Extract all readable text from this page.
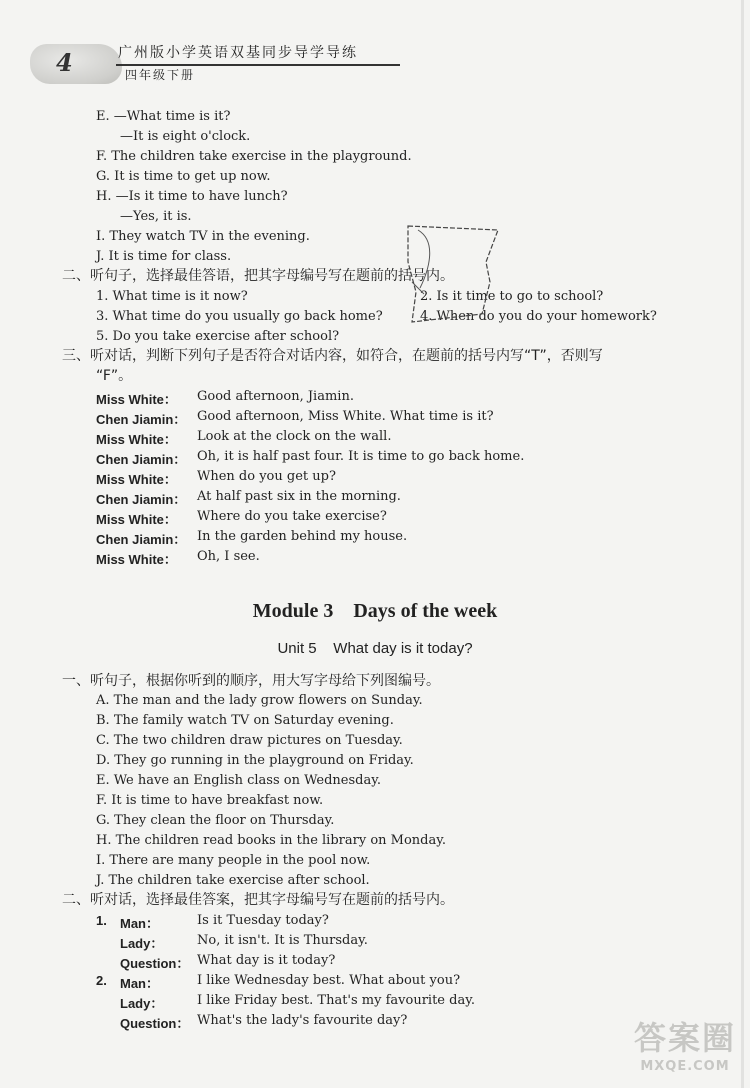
4	广州版小学英语双基同步导学导练
四年级下册
E. —What time is it?
—It is eight o'clock.
F. The children take exercise in the playground.
G. It is time to get up now.
H. —Is it time to have lunch?
—Yes, it is.
I. They watch TV in the evening.
J. It is time for class.
二、听句子，选择最佳答语，把其字母编号写在题前的括号内。
1. What time is it now?	2. Is it time to go to school?
3. What time do you usually go back home?	4. When do you do your homework?
5. Do you take exercise after school?
三、听对话，判断下列句子是否符合对话内容，如符合，在题前的括号内写“T”，否则写
“F”。
Miss White： Good afternoon, Jiamin.
Chen Jiamin： Good afternoon, Miss White. What time is it?
Miss White： Look at the clock on the wall.
Chen Jiamin： Oh, it is half past four. It is time to go back home.
Miss White： When do you get up?
Chen Jiamin： At half past six in the morning.
Miss White： Where do you take exercise?
Chen Jiamin： In the garden behind my house.
Miss White： Oh, I see.
Module 3    Days of the week
Unit 5    What day is it today?
一、听句子，根据你听到的顺序，用大写字母给下列图编号。
A. The man and the lady grow flowers on Sunday.
B. The family watch TV on Saturday evening.
C. The two children draw pictures on Tuesday.
D. They go running in the playground on Friday.
E. We have an English class on Wednesday.
F. It is time to have breakfast now.
G. They clean the floor on Thursday.
H. The children read books in the library on Monday.
I. There are many people in the pool now.
J. The children take exercise after school.
二、听对话，选择最佳答案，把其字母编号写在题前的括号内。
1. Man：	Is it Tuesday today?
Lady：	No, it isn't. It is Thursday.
Question： What day is it today?
2. Man：	I like Wednesday best. What about you?
Lady：	I like Friday best. That's my favourite day.
Question： What's the lady's favourite day?	答案圈
MXQE.COM
